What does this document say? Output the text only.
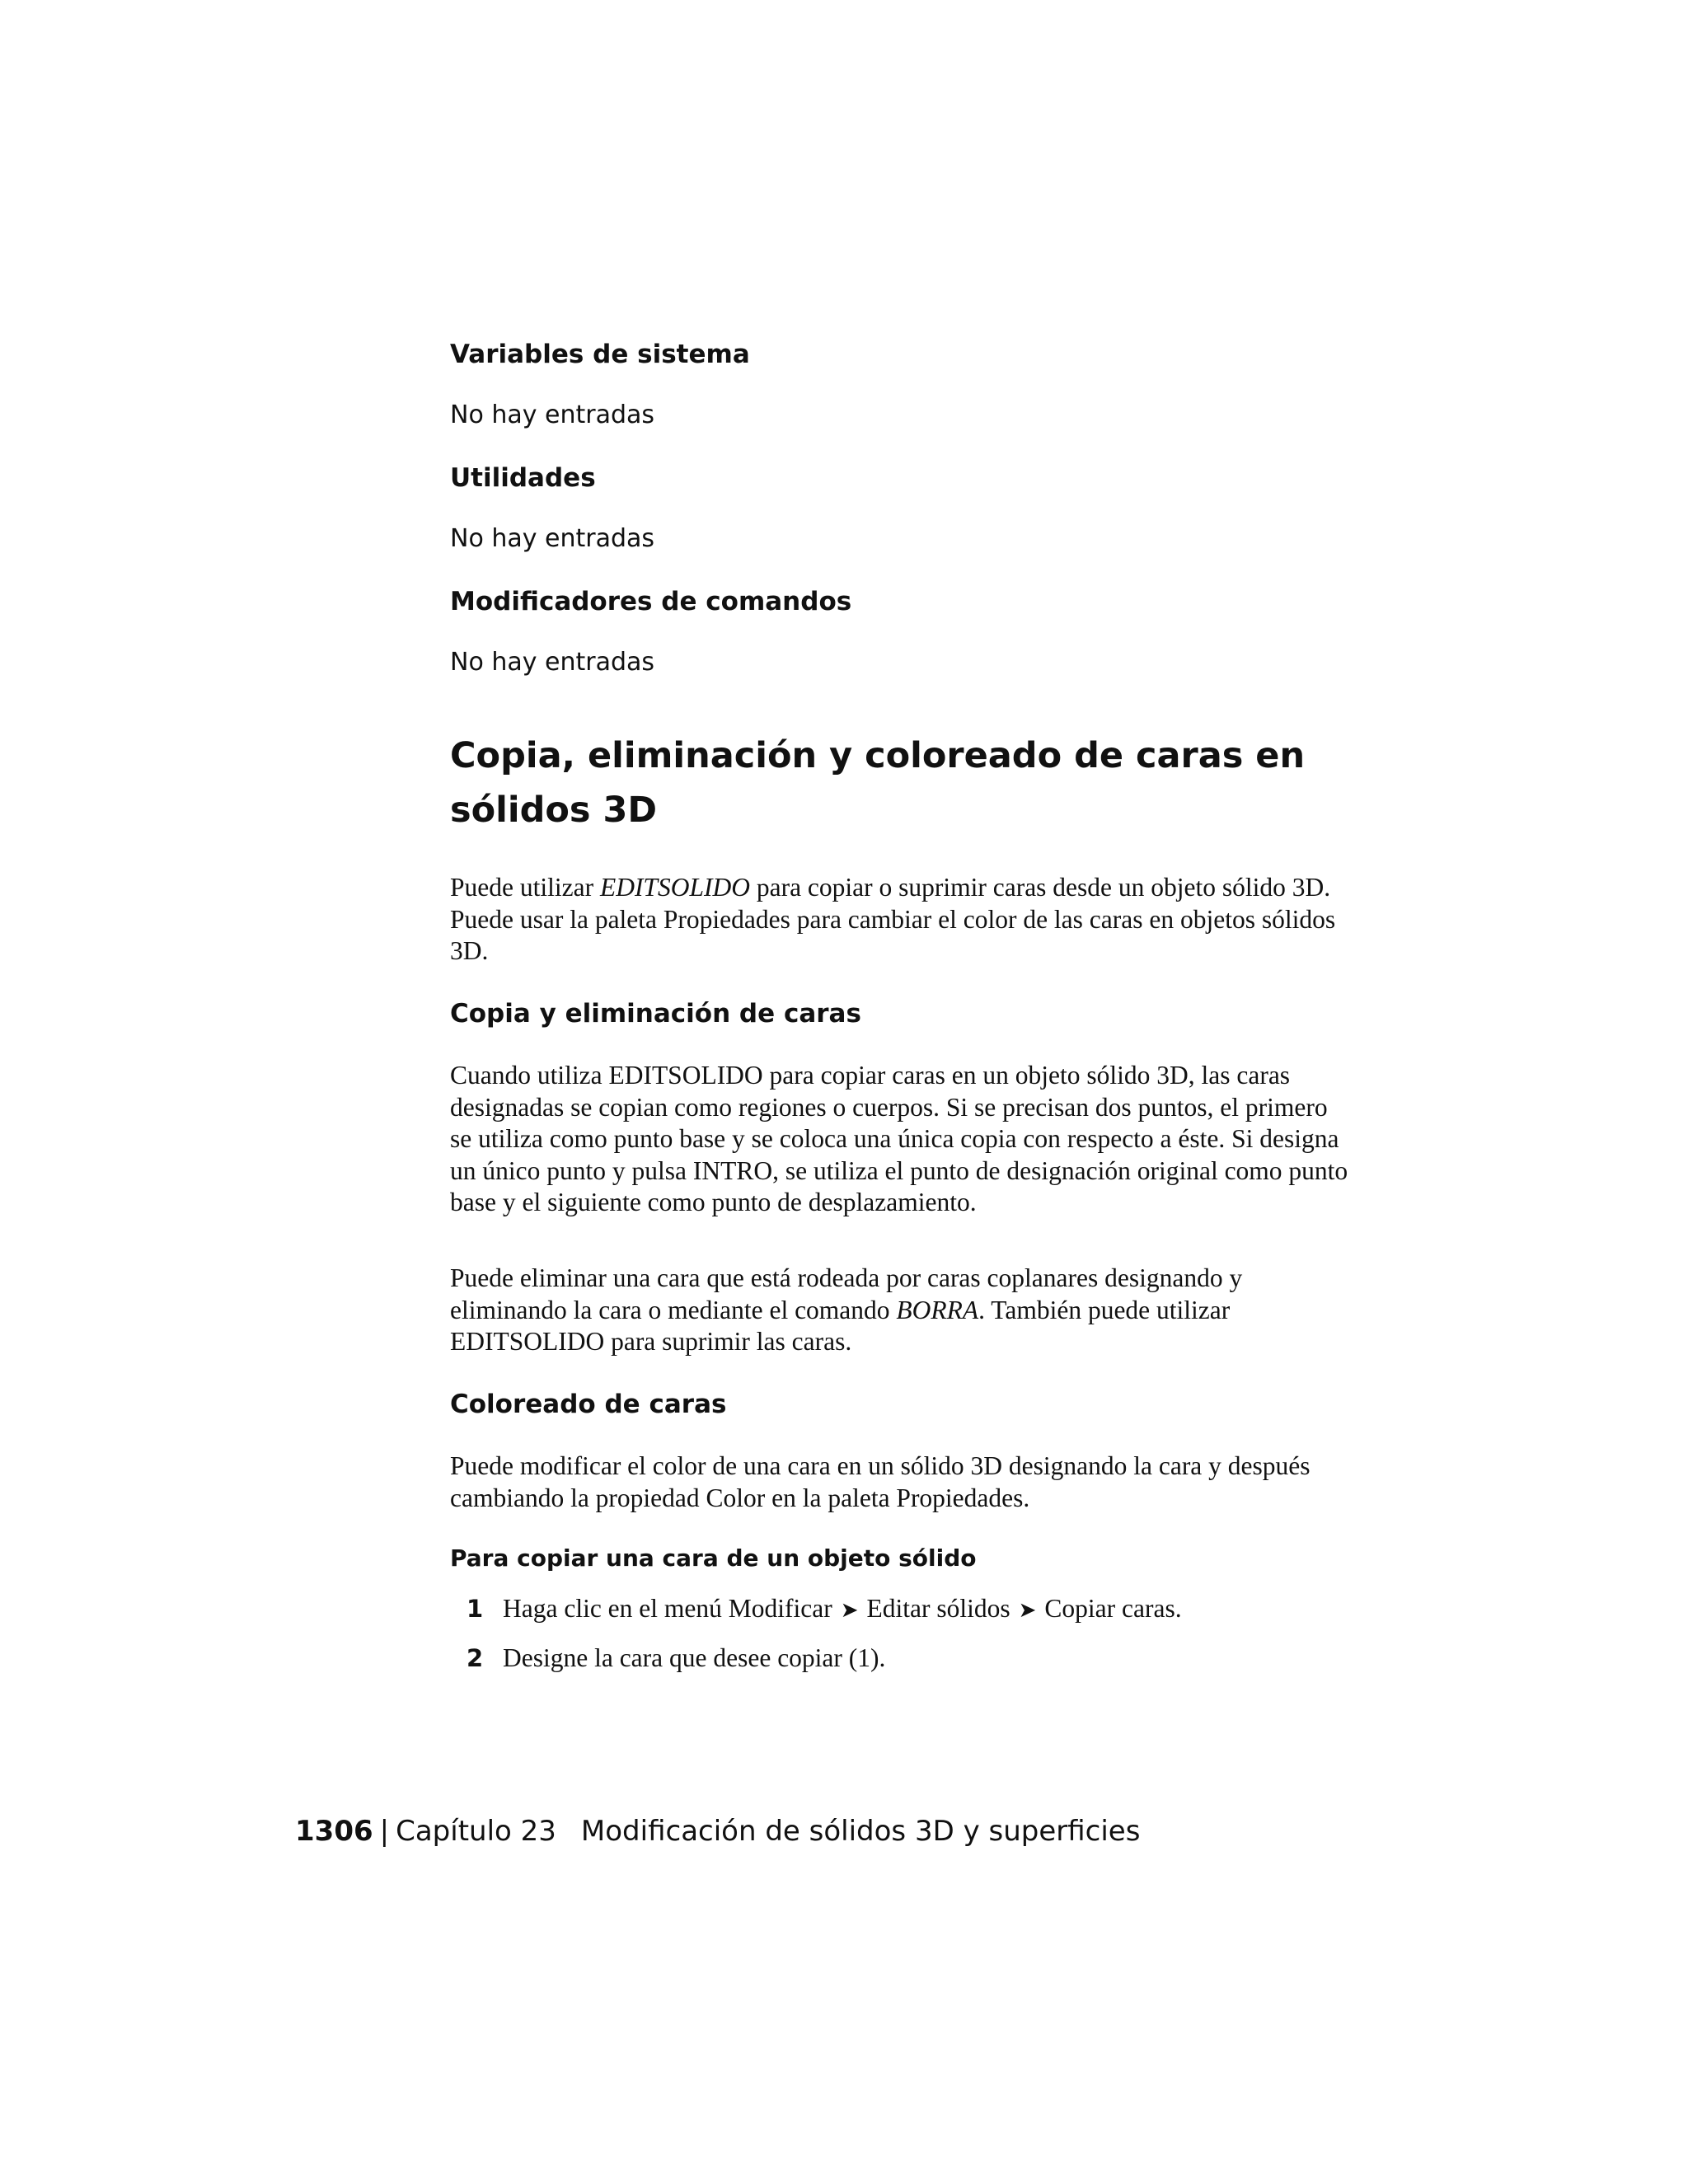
Variables de sistema

No hay entradas

Utilidades

No hay entradas

Modificadores de comandos

No hay entradas

Copia, eliminación y coloreado de caras en sólidos 3D

Puede utilizar EDITSOLIDO para copiar o suprimir caras desde un objeto sólido 3D. Puede usar la paleta Propiedades para cambiar el color de las caras en objetos sólidos 3D.

Copia y eliminación de caras

Cuando utiliza EDITSOLIDO para copiar caras en un objeto sólido 3D, las caras designadas se copian como regiones o cuerpos. Si se precisan dos puntos, el primero se utiliza como punto base y se coloca una única copia con respecto a éste. Si designa un único punto y pulsa INTRO, se utiliza el punto de designación original como punto base y el siguiente como punto de desplazamiento.

Puede eliminar una cara que está rodeada por caras coplanares designando y eliminando la cara o mediante el comando BORRA. También puede utilizar EDITSOLIDO para suprimir las caras.

Coloreado de caras

Puede modificar el color de una cara en un sólido 3D designando la cara y después cambiando la propiedad Color en la paleta Propiedades.

Para copiar una cara de un objeto sólido

1 Haga clic en el menú Modificar ➤ Editar sólidos ➤ Copiar caras.
2 Designe la cara que desee copiar (1).
1306 | Capítulo 23 Modificación de sólidos 3D y superficies
